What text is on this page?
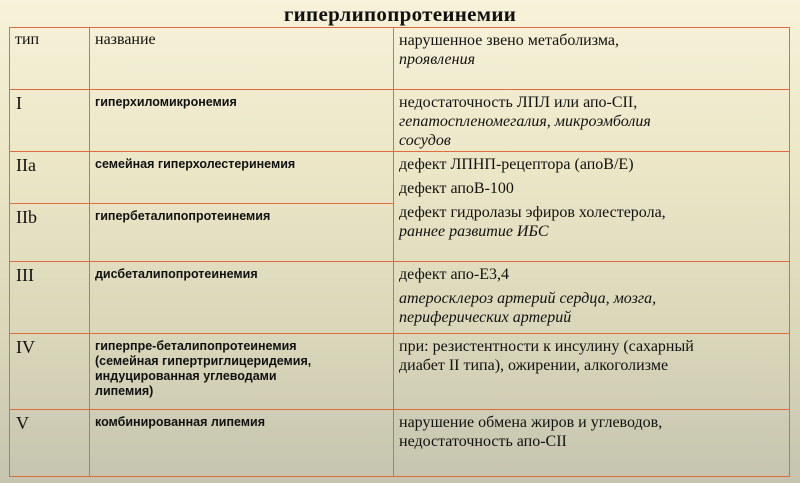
гиперлипопротеинемии
тип	название	нарушенное звено метаболизма,
проявления

I	гиперхиломикронемия	недостаточность ЛПЛ или апо-СII,
гепатоспленомегалия, микроэмболия
сосудов

IIa	семейная гиперхолестеринемия	дефект ЛПНП-рецептора (апоВ/Е)
дефект апоВ-100
дефект гидролазы эфиров холестерола,
раннее развитие ИБС

IIb	гипербеталипопротеинемия	
III	дисбеталипопротеинемия	дефект апо-Е3,4
атеросклероз артерий сердца, мозга,
периферических артерий

IV	гиперпре-беталипопротеинемия
(семейная гипертриглицеридемия,
индуцированная углеводами
липемия)	при: резистентности к инсулину (сахарный
диабет II типа), ожирении, алкоголизме

V	комбинированная липемия	нарушение обмена жиров и углеводов,
недостаточность апо-СII
